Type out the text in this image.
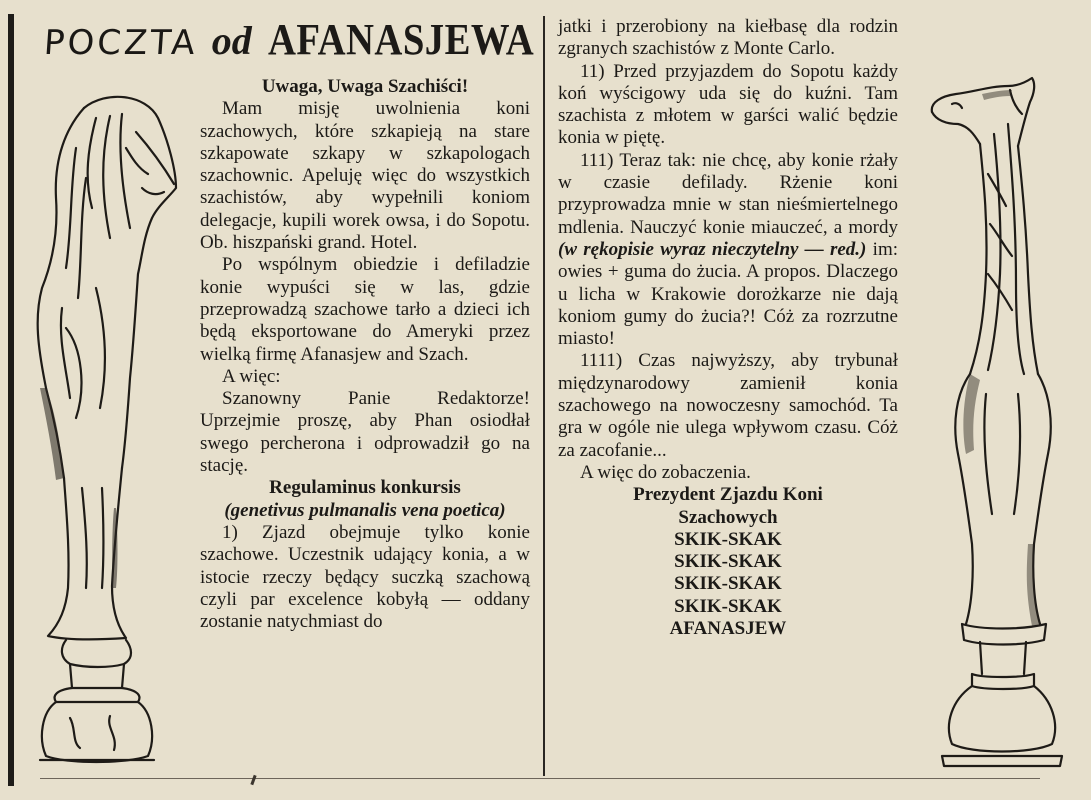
POCZTA od AFANASJEWA

Uwaga, Uwaga Szachiści!

Mam misję uwolnienia koni szachowych, które szkapieją na stare szkapowate szkapy w szkapologach szachownic. Apeluję więc do wszystkich szachistów, aby wypełnili koniom delegacje, kupili worek owsa, i do Sopotu. Ob. hiszpański grand. Hotel.

Po wspólnym obiedzie i defiladzie konie wypuści się w las, gdzie przeprowadzą szachowe tarło a dzieci ich będą eksportowane do Ameryki przez wielką firmę Afanasjew and Szach.

A więc:

Szanowny Panie Redaktorze! Uprzejmie proszę, aby Phan osiodłał swego percherona i odprowadził go na stację.

Regulaminus konkursis

(genetivus pulmanalis vena poetica)

1) Zjazd obejmuje tylko konie szachowe. Uczestnik udający konia, a w istocie rzeczy będący suczką szachową czyli par excelence kobyłą — oddany zostanie natychmiast do

jatki i przerobiony na kiełbasę dla rodzin zgranych szachistów z Monte Carlo.

11) Przed przyjazdem do Sopotu każdy koń wyścigowy uda się do kuźni. Tam szachista z młotem w garści walić będzie konia w piętę.

111) Teraz tak: nie chcę, aby konie rżały w czasie defilady. Rżenie koni przyprowadza mnie w stan nieśmiertelnego mdlenia. Nauczyć konie miauczeć, a mordy (w rękopisie wyraz nieczytelny — red.) im: owies + guma do żucia. A propos. Dlaczego u licha w Krakowie dorożkarze nie dają koniom gumy do żucia?! Cóż za rozrzutne miasto!

1111) Czas najwyższy, aby trybunał międzynarodowy zamienił konia szachowego na nowoczesny samochód. Ta gra w ogóle nie ulega wpływom czasu. Cóż za zacofanie...

A więc do zobaczenia.

Prezydent Zjazdu Koni
Szachowych
SKIK-SKAK
SKIK-SKAK
SKIK-SKAK
SKIK-SKAK
AFANASJEW
